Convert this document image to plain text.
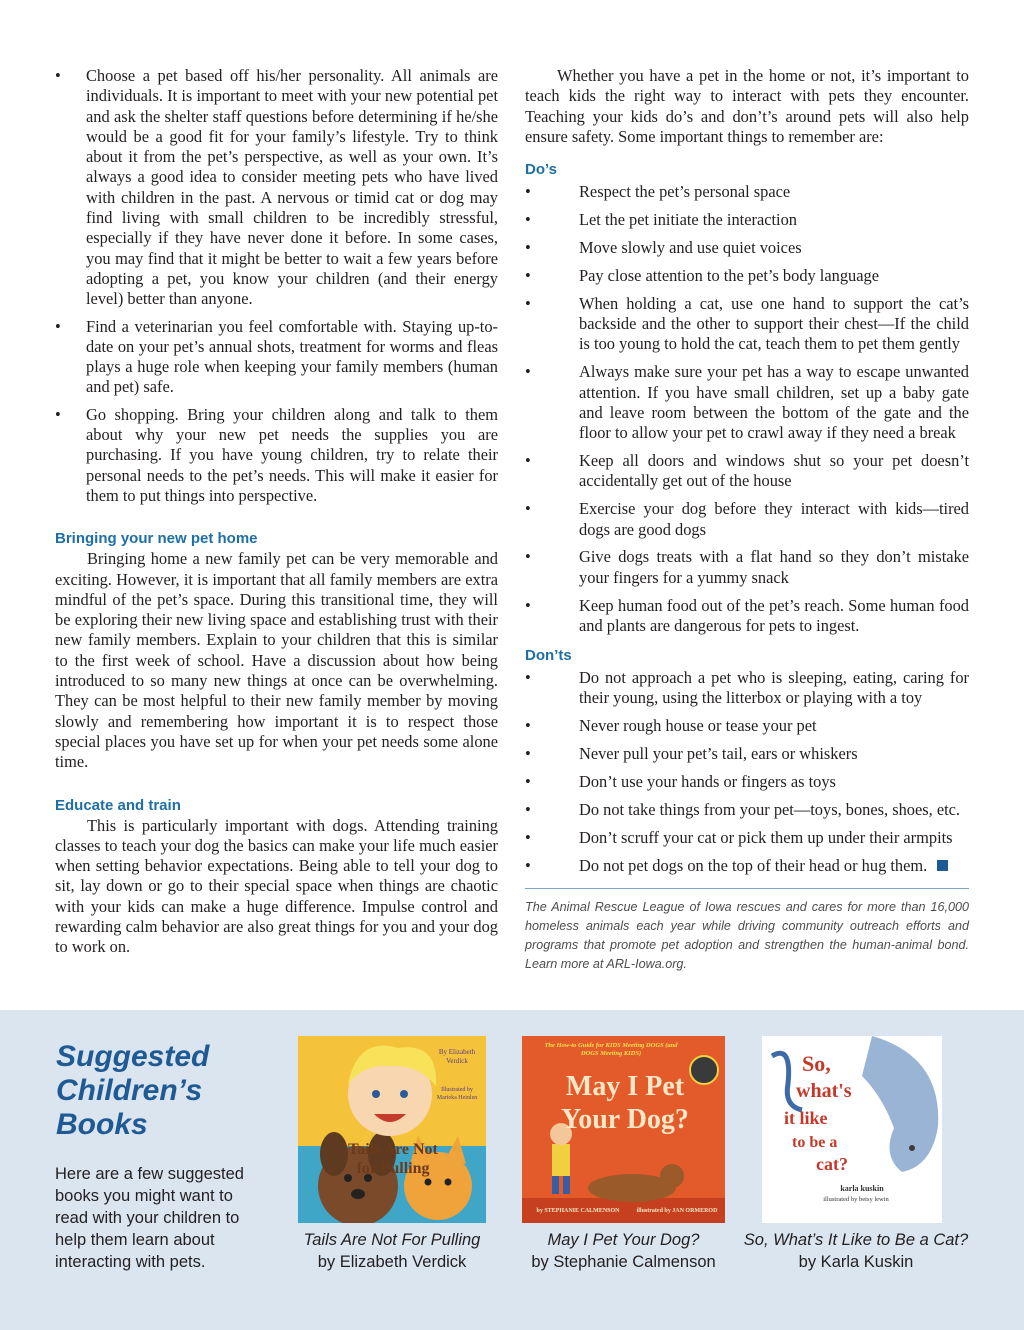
• Choose a pet based off his/her personality. All animals are individuals. It is important to meet with your new potential pet and ask the shelter staff questions before determining if he/she would be a good fit for your family’s lifestyle. Try to think about it from the pet’s perspective, as well as your own. It’s always a good idea to consider meeting pets who have lived with children in the past. A nervous or timid cat or dog may find living with small children to be incredibly stressful, especially if they have never done it before. In some cases, you may find that it might be better to wait a few years before adopting a pet, you know your children (and their energy level) better than anyone.
• Find a veterinarian you feel comfortable with. Staying up-to-date on your pet’s annual shots, treatment for worms and fleas plays a huge role when keeping your family members (human and pet) safe.
• Go shopping. Bring your children along and talk to them about why your new pet needs the supplies you are purchasing. If you have young children, try to relate their personal needs to the pet’s needs. This will make it easier for them to put things into perspective.
Bringing your new pet home

Bringing home a new family pet can be very memorable and exciting. However, it is important that all family members are extra mindful of the pet’s space. During this transitional time, they will be exploring their new living space and establishing trust with their new family members. Explain to your children that this is similar to the first week of school. Have a discussion about how being introduced to so many new things at once can be overwhelming. They can be most helpful to their new family member by moving slowly and remembering how important it is to respect those special places you have set up for when your pet needs some alone time.

Educate and train

This is particularly important with dogs. Attending training classes to teach your dog the basics can make your life much easier when setting behavior expectations. Being able to tell your dog to sit, lay down or go to their special space when things are chaotic with your kids can make a huge difference. Impulse control and rewarding calm behavior are also great things for you and your dog to work on.

Whether you have a pet in the home or not, it’s important to teach kids the right way to interact with pets they encounter. Teaching your kids do’s and don’t’s around pets will also help ensure safety. Some important things to remember are:

Do’s
•	Respect the pet’s personal space
•	Let the pet initiate the interaction
•	Move slowly and use quiet voices
•	Pay close attention to the pet’s body language
•	When holding a cat, use one hand to support the cat’s backside and the other to support their chest—If the child is too young to hold the cat, teach them to pet them gently
•	Always make sure your pet has a way to escape unwanted attention. If you have small children, set up a baby gate and leave room between the bottom of the gate and the floor to allow your pet to crawl away if they need a break
•	Keep all doors and windows shut so your pet doesn’t accidentally get out of the house
•	Exercise your dog before they interact with kids—tired dogs are good dogs
•	Give dogs treats with a flat hand so they don’t mistake your fingers for a yummy snack
•	Keep human food out of the pet’s reach. Some human food and plants are dangerous for pets to ingest.
Don’ts
•	Do not approach a pet who is sleeping, eating, caring for their young, using the litterbox or playing with a toy
•	Never rough house or tease your pet
•	Never pull your pet’s tail, ears or whiskers
•	Don’t use your hands or fingers as toys
•	Do not take things from your pet—toys, bones, shoes, etc.
•	Don’t scruff your cat or pick them up under their armpits
•	Do not pet dogs on the top of their head or hug them.

The Animal Rescue League of Iowa rescues and cares for more than 16,000 homeless animals each year while driving community outreach efforts and programs that promote pet adoption and strengthen the human-animal bond. Learn more at ARL-Iowa.org.

Suggested Children’s Books

Here are a few suggested books you might want to read with your children to help them learn about interacting with pets.

By Elizabeth Verdick
Illustrated by Marieka Heinlen
Tails Are Not for Pulling
Tails Are Not For Pulling
by Elizabeth Verdick
The How-to Guide for KIDS Meeting DOGS (and DOGS Meeting KIDS)
May I Pet Your Dog?
by STEPHANIE CALMENSON	illustrated by JAN ORMEROD
May I Pet Your Dog?
by Stephanie Calmenson
So,
what's
it like
to be a
cat?
karla kuskin
illustrated by betsy lewin
So, What’s It Like to Be a Cat?
by Karla Kuskin
